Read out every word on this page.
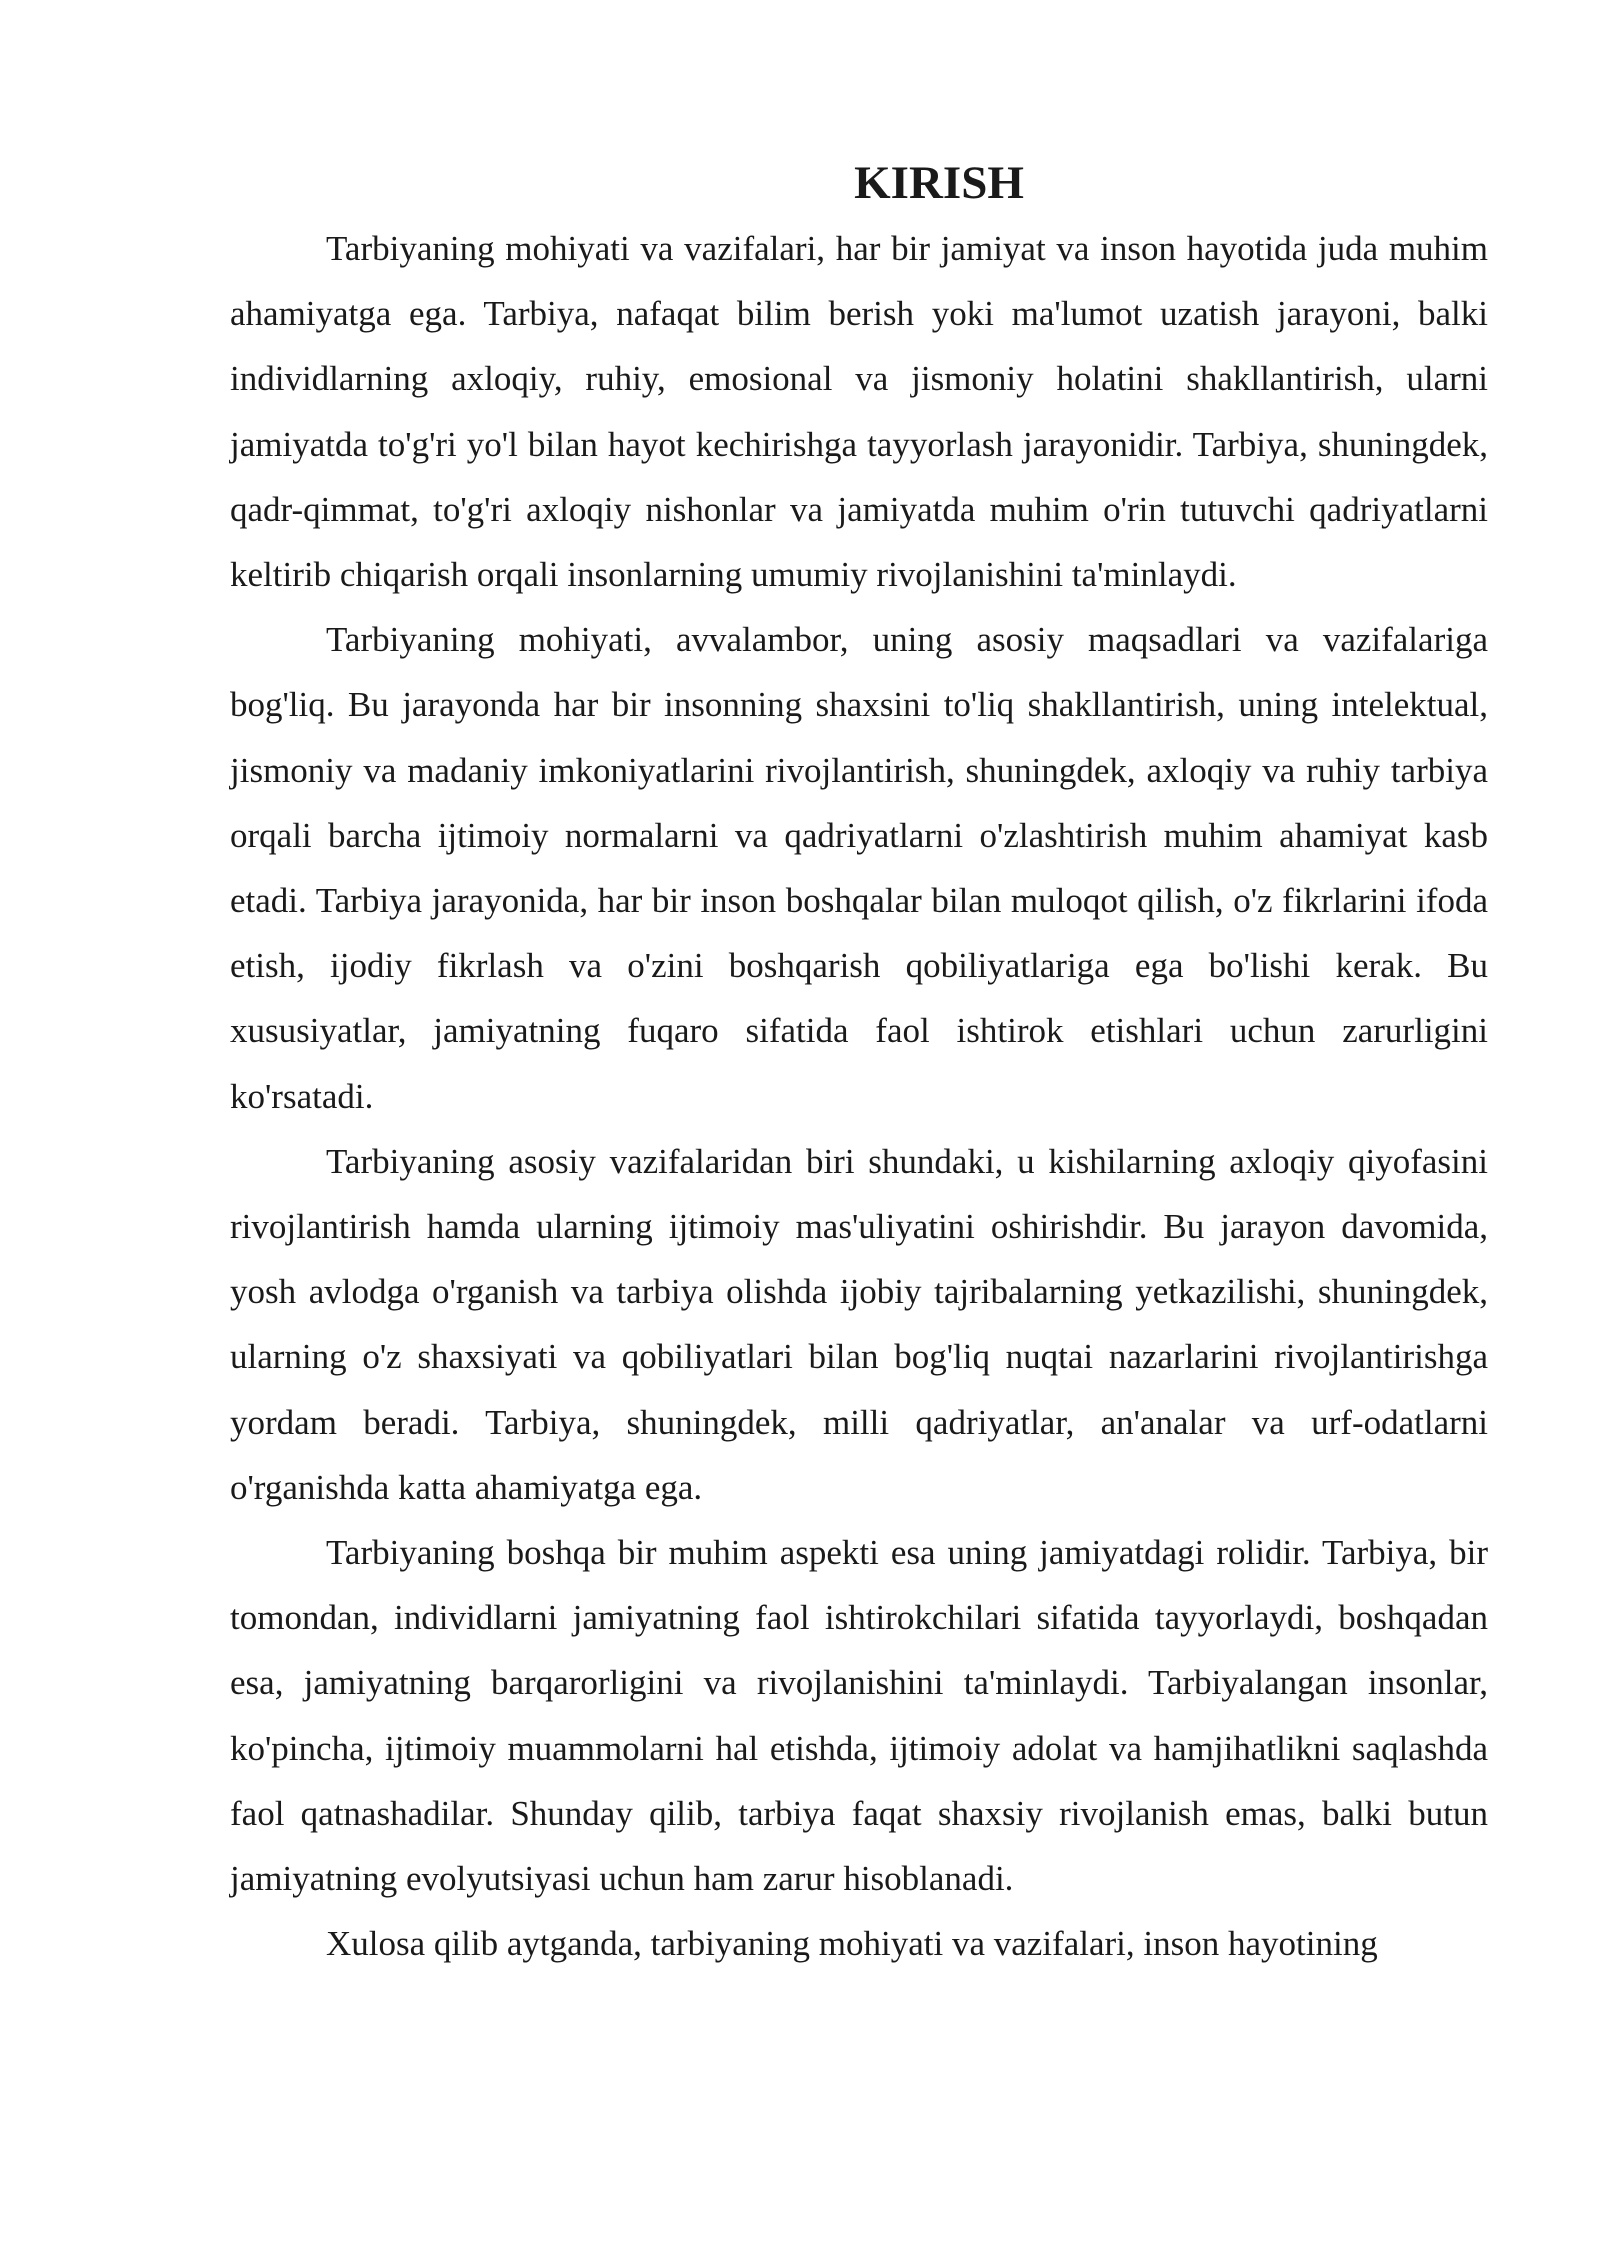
KIRISH

Tarbiyaning mohiyati va vazifalari, har bir jamiyat va inson hayotida juda muhim ahamiyatga ega. Tarbiya, nafaqat bilim berish yoki ma'lumot uzatish jarayoni, balki individlarning axloqiy, ruhiy, emosional va jismoniy holatini shakllantirish, ularni jamiyatda to'g'ri yo'l bilan hayot kechirishga tayyorlash jarayonidir. Tarbiya, shuningdek, qadr-qimmat, to'g'ri axloqiy nishonlar va jamiyatda muhim o'rin tutuvchi qadriyatlarni keltirib chiqarish orqali insonlarning umumiy rivojlanishini ta'minlaydi.

Tarbiyaning mohiyati, avvalambor, uning asosiy maqsadlari va vazifalariga bog'liq. Bu jarayonda har bir insonning shaxsini to'liq shakllantirish, uning intelektual, jismoniy va madaniy imkoniyatlarini rivojlantirish, shuningdek, axloqiy va ruhiy tarbiya orqali barcha ijtimoiy normalarni va qadriyatlarni o'zlashtirish muhim ahamiyat kasb etadi. Tarbiya jarayonida, har bir inson boshqalar bilan muloqot qilish, o'z fikrlarini ifoda etish, ijodiy fikrlash va o'zini boshqarish qobiliyatlariga ega bo'lishi kerak. Bu xususiyatlar, jamiyatning fuqaro sifatida faol ishtirok etishlari uchun zarurligini ko'rsatadi.

Tarbiyaning asosiy vazifalaridan biri shundaki, u kishilarning axloqiy qiyofasini rivojlantirish hamda ularning ijtimoiy mas'uliyatini oshirishdir. Bu jarayon davomida, yosh avlodga o'rganish va tarbiya olishda ijobiy tajribalarning yetkazilishi, shuningdek, ularning o'z shaxsiyati va qobiliyatlari bilan bog'liq nuqtai nazarlarini rivojlantirishga yordam beradi. Tarbiya, shuningdek, milli qadriyatlar, an'analar va urf-odatlarni o'rganishda katta ahamiyatga ega.

Tarbiyaning boshqa bir muhim aspekti esa uning jamiyatdagi rolidir. Tarbiya, bir tomondan, individlarni jamiyatning faol ishtirokchilari sifatida tayyorlaydi, boshqadan esa, jamiyatning barqarorligini va rivojlanishini ta'minlaydi. Tarbiyalangan insonlar, ko'pincha, ijtimoiy muammolarni hal etishda, ijtimoiy adolat va hamjihatlikni saqlashda faol qatnashadilar. Shunday qilib, tarbiya faqat shaxsiy rivojlanish emas, balki butun jamiyatning evolyutsiyasi uchun ham zarur hisoblanadi.

Xulosa qilib aytganda, tarbiyaning mohiyati va vazifalari, inson hayotining
